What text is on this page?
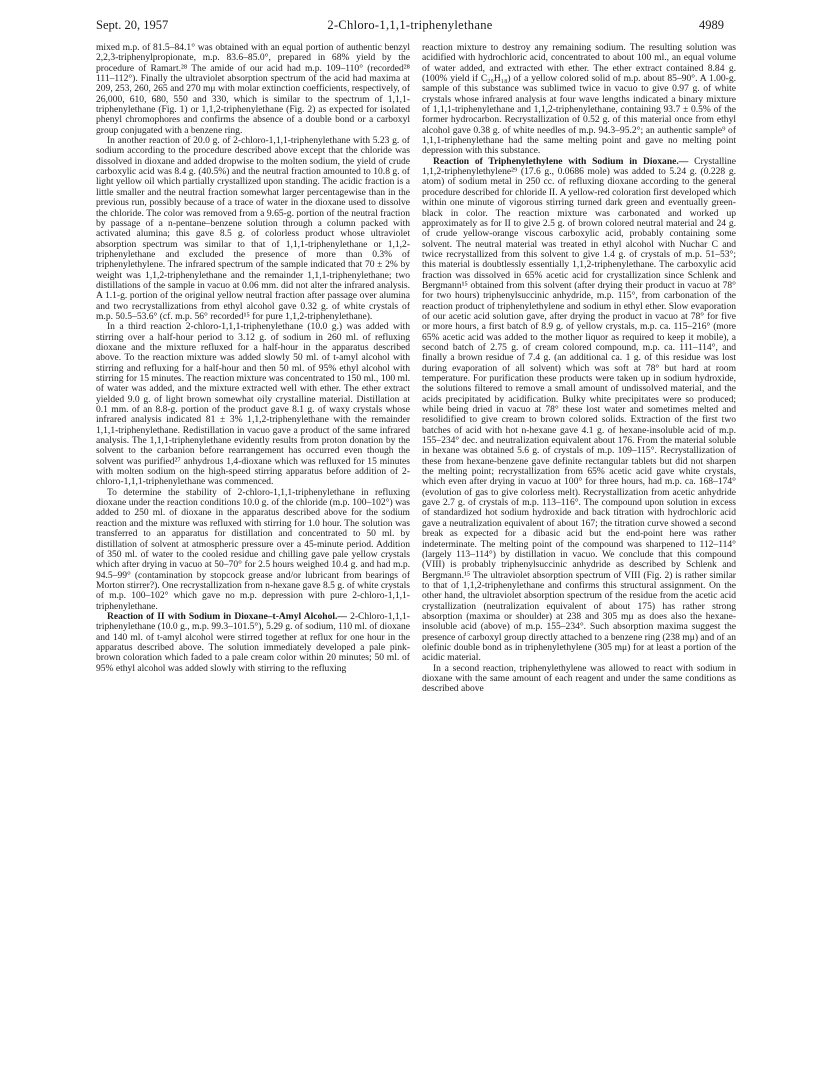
Sept. 20, 1957	2-Chloro-1,1,1-triphenylethane	4989

mixed m.p. of 81.5–84.1° was obtained with an equal portion of authentic benzyl 2,2,3-triphenylpropionate, m.p. 83.6–85.0°, prepared in 68% yield by the procedure of Ramart.²⁸ The amide of our acid had m.p. 109–110° (recorded²⁸ 111–112°). Finally the ultraviolet absorption spectrum of the acid had maxima at 209, 253, 260, 265 and 270 mμ with molar extinction coefficients, respectively, of 26,000, 610, 680, 550 and 330, which is similar to the spectrum of 1,1,1-triphenylethane (Fig. 1) or 1,1,2-triphenylethane (Fig. 2) as expected for isolated phenyl chromophores and confirms the absence of a double bond or a carboxyl group conjugated with a benzene ring.

In another reaction of 20.0 g. of 2-chloro-1,1,1-triphenylethane with 5.23 g. of sodium according to the procedure described above except that the chloride was dissolved in dioxane and added dropwise to the molten sodium, the yield of crude carboxylic acid was 8.4 g. (40.5%) and the neutral fraction amounted to 10.8 g. of light yellow oil which partially crystallized upon standing. The acidic fraction is a little smaller and the neutral fraction somewhat larger percentagewise than in the previous run, possibly because of a trace of water in the dioxane used to dissolve the chloride. The color was removed from a 9.65-g. portion of the neutral fraction by passage of a n-pentane–benzene solution through a column packed with activated alumina; this gave 8.5 g. of colorless product whose ultraviolet absorption spectrum was similar to that of 1,1,1-triphenylethane or 1,1,2-triphenylethane and excluded the presence of more than 0.3% of triphenylethylene. The infrared spectrum of the sample indicated that 70 ± 2% by weight was 1,1,2-triphenylethane and the remainder 1,1,1-triphenylethane; two distillations of the sample in vacuo at 0.06 mm. did not alter the infrared analysis. A 1.1-g. portion of the original yellow neutral fraction after passage over alumina and two recrystallizations from ethyl alcohol gave 0.32 g. of white crystals of m.p. 50.5–53.6° (cf. m.p. 56° recorded¹⁵ for pure 1,1,2-triphenylethane).

In a third reaction 2-chloro-1,1,1-triphenylethane (10.0 g.) was added with stirring over a half-hour period to 3.12 g. of sodium in 260 ml. of refluxing dioxane and the mixture refluxed for a half-hour in the apparatus described above. To the reaction mixture was added slowly 50 ml. of t-amyl alcohol with stirring and refluxing for a half-hour and then 50 ml. of 95% ethyl alcohol with stirring for 15 minutes. The reaction mixture was concentrated to 150 ml., 100 ml. of water was added, and the mixture extracted well with ether. The ether extract yielded 9.0 g. of light brown somewhat oily crystalline material. Distillation at 0.1 mm. of an 8.8-g. portion of the product gave 8.1 g. of waxy crystals whose infrared analysis indicated 81 ± 3% 1,1,2-triphenylethane with the remainder 1,1,1-triphenylethane. Redistillation in vacuo gave a product of the same infrared analysis. The 1,1,1-triphenylethane evidently results from proton donation by the solvent to the carbanion before rearrangement has occurred even though the solvent was purified²⁷ anhydrous 1,4-dioxane which was refluxed for 15 minutes with molten sodium on the high-speed stirring apparatus before addition of 2-chloro-1,1,1-triphenylethane was commenced.

To determine the stability of 2-chloro-1,1,1-triphenylethane in refluxing dioxane under the reaction conditions 10.0 g. of the chloride (m.p. 100–102°) was added to 250 ml. of dioxane in the apparatus described above for the sodium reaction and the mixture was refluxed with stirring for 1.0 hour. The solution was transferred to an apparatus for distillation and concentrated to 50 ml. by distillation of solvent at atmospheric pressure over a 45-minute period. Addition of 350 ml. of water to the cooled residue and chilling gave pale yellow crystals which after drying in vacuo at 50–70° for 2.5 hours weighed 10.4 g. and had m.p. 94.5–99° (contamination by stopcock grease and/or lubricant from bearings of Morton stirrer?). One recrystallization from n-hexane gave 8.5 g. of white crystals of m.p. 100–102° which gave no m.p. depression with pure 2-chloro-1,1,1-triphenylethane.

Reaction of II with Sodium in Dioxane–t-Amyl Alcohol.— 2-Chloro-1,1,1-triphenylethane (10.0 g., m.p. 99.3–101.5°), 5.29 g. of sodium, 110 ml. of dioxane and 140 ml. of t-amyl alcohol were stirred together at reflux for one hour in the apparatus described above. The solution immediately developed a pale pink-brown coloration which faded to a pale cream color within 20 minutes; 50 ml. of 95% ethyl alcohol was added slowly with stirring to the refluxing

reaction mixture to destroy any remaining sodium. The resulting solution was acidified with hydrochloric acid, concentrated to about 100 ml., an equal volume of water added, and extracted with ether. The ether extract contained 8.84 g. (100% yield if C₂₀H₁₈) of a yellow colored solid of m.p. about 85–90°. A 1.00-g. sample of this substance was sublimed twice in vacuo to give 0.97 g. of white crystals whose infrared analysis at four wave lengths indicated a binary mixture of 1,1,1-triphenylethane and 1,1,2-triphenylethane, containing 93.7 ± 0.5% of the former hydrocarbon. Recrystallization of 0.52 g. of this material once from ethyl alcohol gave 0.38 g. of white needles of m.p. 94.3–95.2°; an authentic sample⁹ of 1,1,1-triphenylethane had the same melting point and gave no melting point depression with this substance.

Reaction of Triphenylethylene with Sodium in Dioxane.— Crystalline 1,1,2-triphenylethylene²⁹ (17.6 g., 0.0686 mole) was added to 5.24 g. (0.228 g. atom) of sodium metal in 250 cc. of refluxing dioxane according to the general procedure described for chloride II. A yellow-red coloration first developed which within one minute of vigorous stirring turned dark green and eventually green-black in color. The reaction mixture was carbonated and worked up approximately as for II to give 2.5 g. of brown colored neutral material and 24 g. of crude yellow-orange viscous carboxylic acid, probably containing some solvent. The neutral material was treated in ethyl alcohol with Nuchar C and twice recrystallized from this solvent to give 1.4 g. of crystals of m.p. 51–53°; this material is doubtlessly essentially 1,1,2-triphenylethane. The carboxylic acid fraction was dissolved in 65% acetic acid for crystallization since Schlenk and Bergmann¹⁵ obtained from this solvent (after drying their product in vacuo at 78° for two hours) triphenylsuccinic anhydride, m.p. 115°, from carbonation of the reaction product of triphenylethylene and sodium in ethyl ether. Slow evaporation of our acetic acid solution gave, after drying the product in vacuo at 78° for five or more hours, a first batch of 8.9 g. of yellow crystals, m.p. ca. 115–216° (more 65% acetic acid was added to the mother liquor as required to keep it mobile), a second batch of 2.75 g. of cream colored compound, m.p. ca. 111–114°, and finally a brown residue of 7.4 g. (an additional ca. 1 g. of this residue was lost during evaporation of all solvent) which was soft at 78° but hard at room temperature. For purification these products were taken up in sodium hydroxide, the solutions filtered to remove a small amount of undissolved material, and the acids precipitated by acidification. Bulky white precipitates were so produced; while being dried in vacuo at 78° these lost water and sometimes melted and resolidified to give cream to brown colored solids. Extraction of the first two batches of acid with hot n-hexane gave 4.1 g. of hexane-insoluble acid of m.p. 155–234° dec. and neutralization equivalent about 176. From the material soluble in hexane was obtained 5.6 g. of crystals of m.p. 109–115°. Recrystallization of these from hexane-benzene gave definite rectangular tablets but did not sharpen the melting point; recrystallization from 65% acetic acid gave white crystals, which even after drying in vacuo at 100° for three hours, had m.p. ca. 168–174° (evolution of gas to give colorless melt). Recrystallization from acetic anhydride gave 2.7 g. of crystals of m.p. 113–116°. The compound upon solution in excess of standardized hot sodium hydroxide and back titration with hydrochloric acid gave a neutralization equivalent of about 167; the titration curve showed a second break as expected for a dibasic acid but the end-point here was rather indeterminate. The melting point of the compound was sharpened to 112–114° (largely 113–114°) by distillation in vacuo. We conclude that this compound (VIII) is probably triphenylsuccinic anhydride as described by Schlenk and Bergmann.¹⁵ The ultraviolet absorption spectrum of VIII (Fig. 2) is rather similar to that of 1,1,2-triphenylethane and confirms this structural assignment. On the other hand, the ultraviolet absorption spectrum of the residue from the acetic acid crystallization (neutralization equivalent of about 175) has rather strong absorption (maxima or shoulder) at 238 and 305 mμ as does also the hexane-insoluble acid (above) of m.p. 155–234°. Such absorption maxima suggest the presence of carboxyl group directly attached to a benzene ring (238 mμ) and of an olefinic double bond as in triphenylethylene (305 mμ) for at least a portion of the acidic material.

In a second reaction, triphenylethylene was allowed to react with sodium in dioxane with the same amount of each reagent and under the same conditions as described above
